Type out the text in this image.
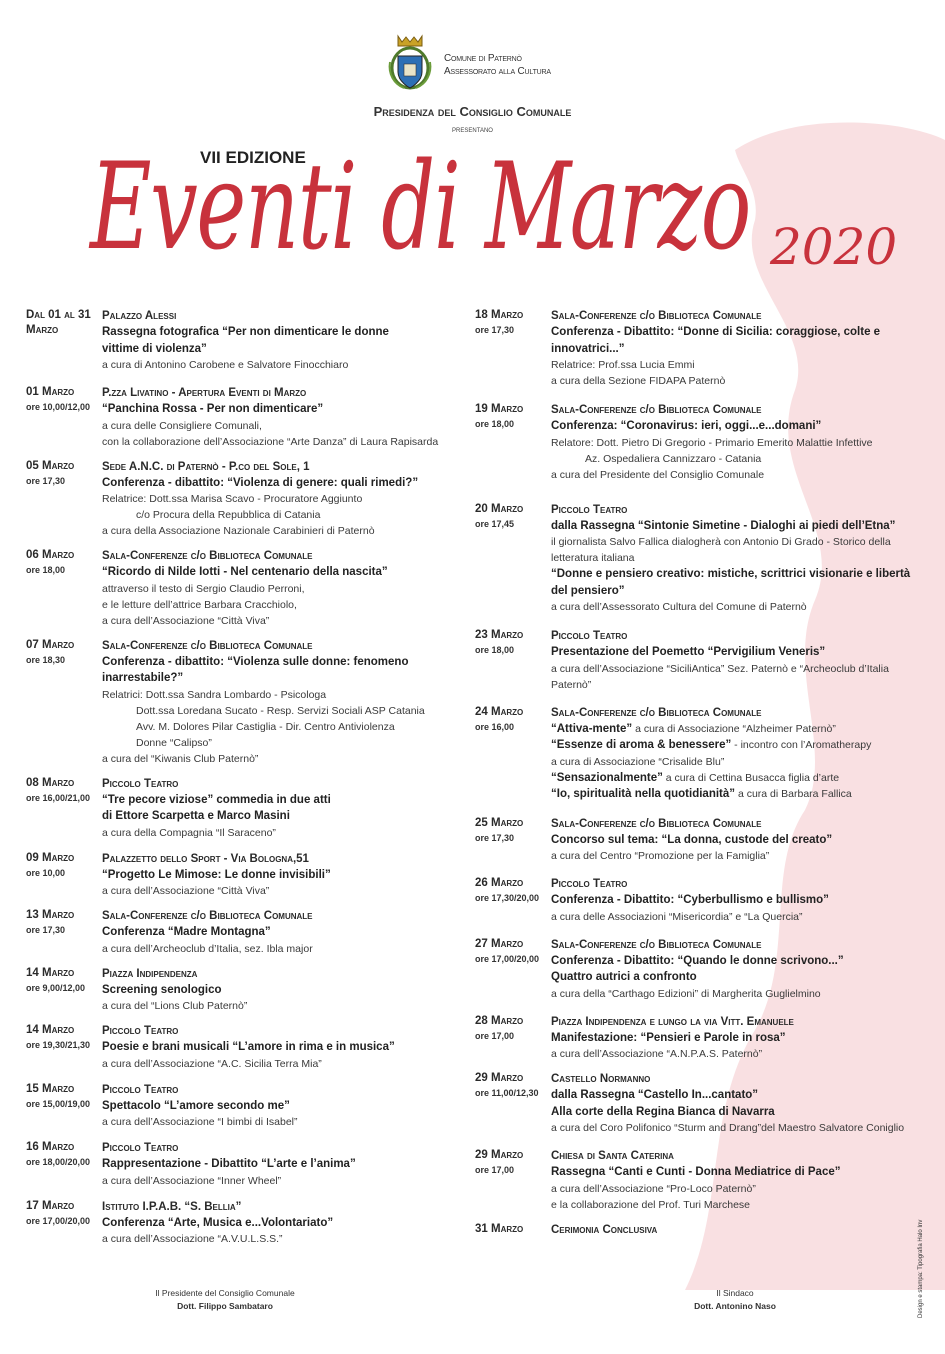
Comune di Paternò
Assessorato alla Cultura
Presidenza del Consiglio Comunale
presentano
VII EDIZIONE
Eventi di Marzo 2020
Dal 01 al 31
Marzo
Palazzo Alessi
Rassegna fotografica “Per non dimenticare le donne
vittime di violenza”
a cura di Antonino Carobene e Salvatore Finocchiaro
01 Marzo
ore 10,00/12,00
P.zza Livatino - Apertura Eventi di Marzo
“Panchina Rossa - Per non dimenticare”
a cura delle Consigliere Comunali,
con la collaborazione dell’Associazione “Arte Danza” di Laura Rapisarda
05 Marzo
ore 17,30
Sede A.N.C. di Paternò - P.co del Sole, 1
Conferenza - dibattito: “Violenza di genere: quali rimedi?”
Relatrice: Dott.ssa Marisa Scavo - Procuratore Aggiunto
c/o Procura della Repubblica di Catania
a cura della Associazione Nazionale Carabinieri di Paternò
06 Marzo
ore 18,00
Sala-Conferenze c/o Biblioteca Comunale
“Ricordo di Nilde Iotti - Nel centenario della nascita”
attraverso il testo di Sergio Claudio Perroni,
e le letture dell’attrice Barbara Cracchiolo,
a cura dell’Associazione “Città Viva”
07 Marzo
ore 18,30
Sala-Conferenze c/o Biblioteca Comunale
Conferenza - dibattito: “Violenza sulle donne: fenomeno
inarrestabile?”
Relatrici: Dott.ssa Sandra Lombardo - Psicologa
Dott.ssa Loredana Sucato - Resp. Servizi Sociali ASP Catania
Avv. M. Dolores Pilar Castiglia - Dir. Centro Antiviolenza
Donne “Calipso”
a cura del “Kiwanis Club Paternò”
08 Marzo
ore 16,00/21,00
Piccolo Teatro
“Tre pecore viziose” commedia in due atti
di Ettore Scarpetta e Marco Masini
a cura della Compagnia “Il Saraceno”
09 Marzo
ore 10,00
Palazzetto dello Sport - Via Bologna,51
“Progetto Le Mimose: Le donne invisibili”
a cura dell’Associazione “Città Viva”
13 Marzo
ore 17,30
Sala-Conferenze c/o Biblioteca Comunale
Conferenza “Madre Montagna”
a cura dell’Archeoclub d’Italia, sez. Ibla major
14 Marzo
ore 9,00/12,00
Piazza Indipendenza
Screening senologico
a cura del “Lions Club Paternò”
14 Marzo
ore 19,30/21,30
Piccolo Teatro
Poesie e brani musicali “L’amore in rima e in musica”
a cura dell’Associazione “A.C. Sicilia Terra Mia”
15 Marzo
ore 15,00/19,00
Piccolo Teatro
Spettacolo “L’amore secondo me”
a cura dell’Associazione “I bimbi di Isabel”
16 Marzo
ore 18,00/20,00
Piccolo Teatro
Rappresentazione - Dibattito “L’arte e l’anima”
a cura dell’Associazione “Inner Wheel”
17 Marzo
ore 17,00/20,00
Istituto I.P.A.B. “S. Bellia”
Conferenza “Arte, Musica e...Volontariato”
a cura dell’Associazione “A.V.U.L.S.S.”
18 Marzo
ore 17,30
Sala-Conferenze c/o Biblioteca Comunale
Conferenza - Dibattito: “Donne di Sicilia: coraggiose, colte e
innovatrici...”
Relatrice: Prof.ssa Lucia Emmi
a cura della Sezione FIDAPA Paternò
19 Marzo
ore 18,00
Sala-Conferenze c/o Biblioteca Comunale
Conferenza: “Coronavirus: ieri, oggi...e...domani”
Relatore: Dott. Pietro Di Gregorio - Primario Emerito Malattie Infettive
Az. Ospedaliera Cannizzaro - Catania
a cura del Presidente del Consiglio Comunale
20 Marzo
ore 17,45
Piccolo Teatro
dalla Rassegna “Sintonie Simetine - Dialoghi ai piedi dell’Etna”
il giornalista Salvo Fallica dialogherà con Antonio Di Grado - Storico della
letteratura italiana
“Donne e pensiero creativo: mistiche, scrittrici visionarie e libertà
del pensiero”
a cura dell’Assessorato Cultura del Comune di Paternò
23 Marzo
ore 18,00
Piccolo Teatro
Presentazione del Poemetto “Pervigilium Veneris”
a cura dell’Associazione “SiciliAntica” Sez. Paternò e “Archeoclub d’Italia
Paternò”
24 Marzo
ore 16,00
Sala-Conferenze c/o Biblioteca Comunale
“Attiva-mente” a cura di Associazione “Alzheimer Paternò”
“Essenze di aroma & benessere” - incontro con l’Aromatherapy
a cura di Associazione “Crisalide Blu”
“Sensazionalmente” a cura di Cettina Busacca figlia d’arte
“Io, spiritualità nella quotidianità” a cura di Barbara Fallica
25 Marzo
ore 17,30
Sala-Conferenze c/o Biblioteca Comunale
Concorso sul tema: “La donna, custode del creato”
a cura del Centro “Promozione per la Famiglia”
26 Marzo
ore 17,30/20,00
Piccolo Teatro
Conferenza - Dibattito: “Cyberbullismo e bullismo”
a cura delle Associazioni “Misericordia” e “La Quercia”
27 Marzo
ore 17,00/20,00
Sala-Conferenze c/o Biblioteca Comunale
Conferenza - Dibattito: “Quando le donne scrivono...”
Quattro autrici a confronto
a cura della “Carthago Edizioni” di Margherita Guglielmino
28 Marzo
ore 17,00
Piazza Indipendenza e lungo la via Vitt. Emanuele
Manifestazione: “Pensieri e Parole in rosa”
a cura dell’Associazione “A.N.P.A.S. Paternò”
29 Marzo
ore 11,00/12,30
Castello Normanno
dalla Rassegna “Castello In...cantato”
Alla corte della Regina Bianca di Navarra
a cura del Coro Polifonico “Sturm and Drang”del Maestro Salvatore Coniglio
29 Marzo
ore 17,00
Chiesa di Santa Caterina
Rassegna “Canti e Cunti - Donna Mediatrice di Pace”
a cura dell’Associazione “Pro-Loco Paternò”
e la collaborazione del Prof. Turi Marchese
31 Marzo	Cerimonia Conclusiva
Il Presidente del Consiglio Comunale
Dott. Filippo Sambataro
Il Sindaco
Dott. Antonino Naso	Design e stampa: Tipografia Halo Inv
